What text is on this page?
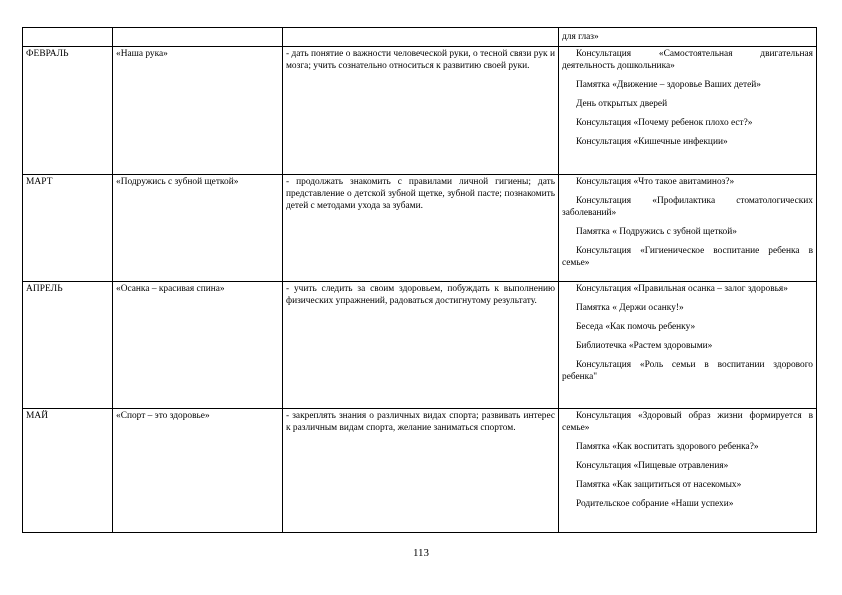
			для глаз»
ФЕВРАЛЬ	«Наша рука»	- дать понятие о важности человеческой руки, о тесной связи рук и мозга; учить сознательно относиться к развитию своей руки.	Консультация «Самостоятельная двигательная деятельность дошкольника»
Памятка «Движение – здоровье Ваших детей»
День открытых дверей
Консультация «Почему ребенок плохо ест?»
Консультация «Кишечные инфекции»

МАРТ	«Подружись с зубной щеткой»	- продолжать знакомить с правилами личной гигиены; дать представление о детской зубной щетке, зубной пасте; познакомить детей с методами ухода за зубами.	Консультация «Что такое авитаминоз?»
Консультация «Профилактика стоматологических заболеваний»
Памятка « Подружись с зубной щеткой»
Консультация «Гигиеническое воспитание ребенка в семье»

АПРЕЛЬ	«Осанка – красивая спина»	- учить следить за своим здоровьем, побуждать к выполнению физических упражнений, радоваться достигнутому результату.	Консультация «Правильная осанка – залог здоровья»
Памятка « Держи осанку!»
Беседа «Как помочь ребенку»
Библиотечка «Растем здоровыми»
Консультация «Роль семьи в воспитании здорового ребенка"

МАЙ	«Спорт – это здоровье»	- закреплять знания о различных видах спорта; развивать интерес к различным видам спорта, желание заниматься спортом.	Консультация «Здоровый образ жизни формируется в семье»
Памятка «Как воспитать здорового ребенка?»
Консультация «Пищевые отравления»
Памятка «Как защититься от насекомых»
Родительское собрание «Наши успехи»
113
